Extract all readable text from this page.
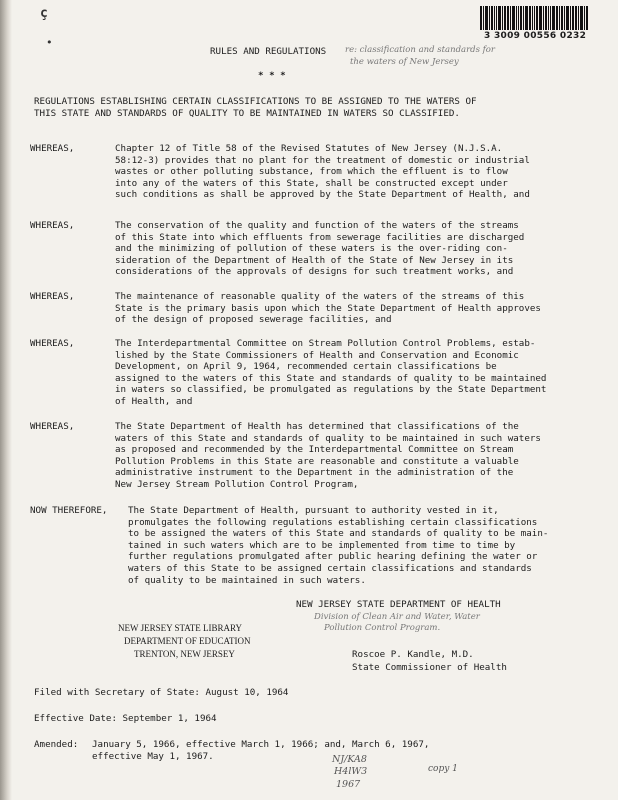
ç
•	3 3009 00556 0232
RULES AND REGULATIONS re: classification and standards for
the waters of New Jersey
* * *
REGULATIONS ESTABLISHING CERTAIN CLASSIFICATIONS TO BE ASSIGNED TO THE WATERS OF
THIS STATE AND STANDARDS OF QUALITY TO BE MAINTAINED IN WATERS SO CLASSIFIED.
WHEREAS,	Chapter 12 of Title 58 of the Revised Statutes of New Jersey (N.J.S.A.
58:12-3) provides that no plant for the treatment of domestic or industrial
wastes or other polluting substance, from which the effluent is to flow
into any of the waters of this State, shall be constructed except under
such conditions as shall be approved by the State Department of Health, and
WHEREAS,	The conservation of the quality and function of the waters of the streams
of this State into which effluents from sewerage facilities are discharged
and the minimizing of pollution of these waters is the over-riding con-
sideration of the Department of Health of the State of New Jersey in its
considerations of the approvals of designs for such treatment works, and
WHEREAS,	The maintenance of reasonable quality of the waters of the streams of this
State is the primary basis upon which the State Department of Health approves
of the design of proposed sewerage facilities, and
WHEREAS,	The Interdepartmental Committee on Stream Pollution Control Problems, estab-
lished by the State Commissioners of Health and Conservation and Economic
Development, on April 9, 1964, recommended certain classifications be
assigned to the waters of this State and standards of quality to be maintained
in waters so classified, be promulgated as regulations by the State Department
of Health, and
WHEREAS,	The State Department of Health has determined that classifications of the
waters of this State and standards of quality to be maintained in such waters
as proposed and recommended by the Interdepartmental Committee on Stream
Pollution Problems in this State are reasonable and constitute a valuable
administrative instrument to the Department in the administration of the
New Jersey Stream Pollution Control Program,
NOW THEREFORE, The State Department of Health, pursuant to authority vested in it,
promulgates the following regulations establishing certain classifications
to be assigned the waters of this State and standards of quality to be main-
tained in such waters which are to be implemented from time to time by
further regulations promulgated after public hearing defining the water or
waters of this State to be assigned certain classifications and standards
of quality to be maintained in such waters.
NEW JERSEY STATE DEPARTMENT OF HEALTH
Division of Clean Air and Water, Water
Pollution Control Program.
NEW JERSEY STATE LIBRARY
DEPARTMENT OF EDUCATION
TRENTON, NEW JERSEY	Roscoe P. Kandle, M.D.
State Commissioner of Health
Filed with Secretary of State: August 10, 1964
Effective Date: September 1, 1964
Amended: January 5, 1966, effective March 1, 1966; and, March 6, 1967,
effective May 1, 1967.	NJ/KA8
H4lW3
1967
copy 1
